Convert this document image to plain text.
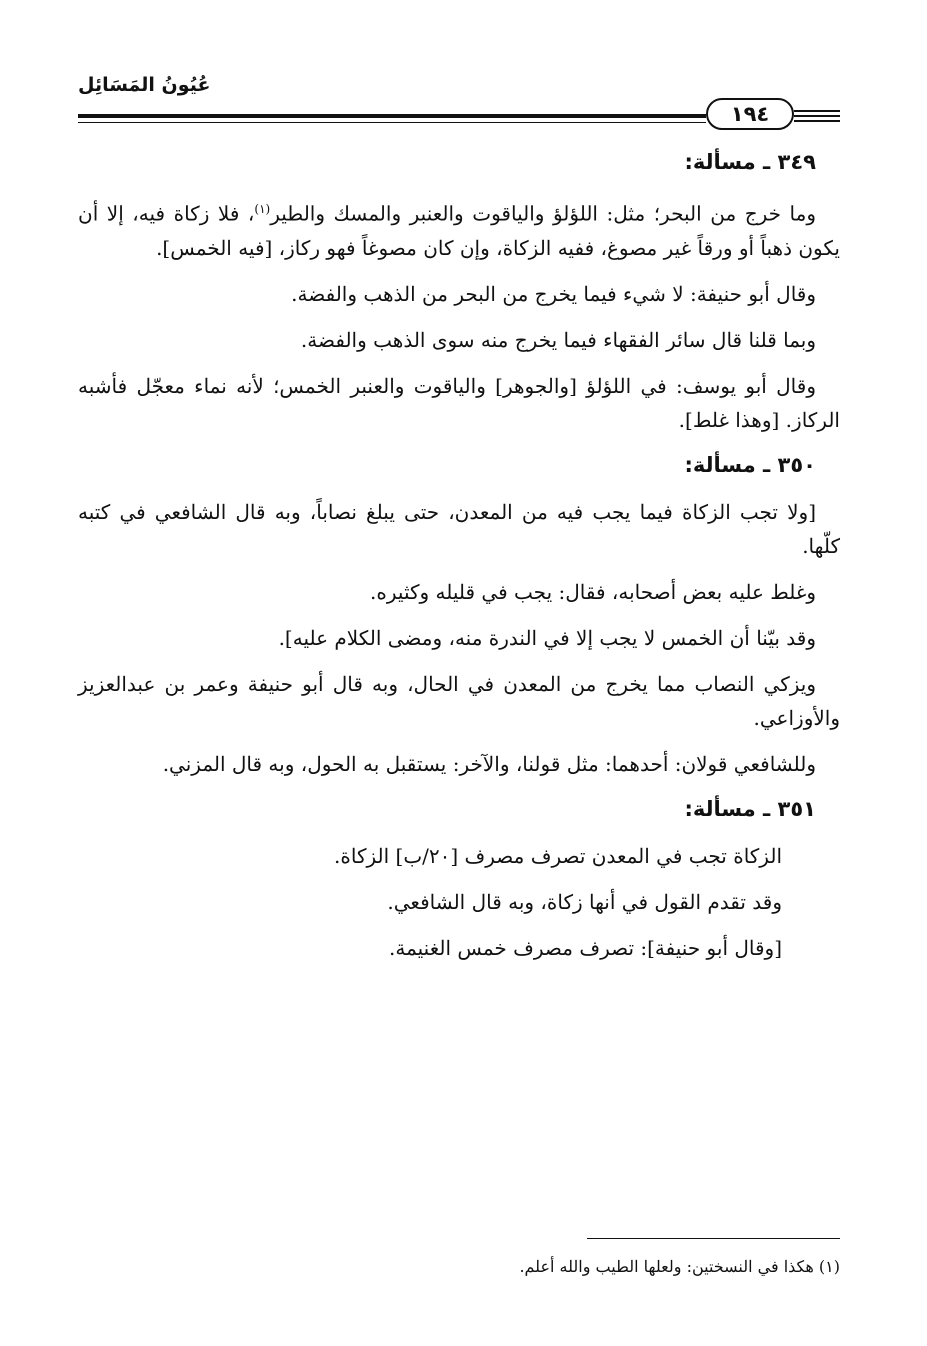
عُيُونُ المَسَائِل
١٩٤
٣٤٩ ـ مسألة:

وما خرج من البحر؛ مثل: اللؤلؤ والياقوت والعنبر والمسك والطير$^{(١)}$، فلا زكاة فيه، إلا أن يكون ذهباً أو ورقاً غير مصوغ، ففيه الزكاة، وإن كان مصوغاً فهو ركاز، [فيه الخمس].

وقال أبو حنيفة: لا شيء فيما يخرج من البحر من الذهب والفضة.

وبما قلنا قال سائر الفقهاء فيما يخرج منه سوى الذهب والفضة.

وقال أبو يوسف: في اللؤلؤ [والجوهر] والياقوت والعنبر الخمس؛ لأنه نماء معجّل فأشبه الركاز. [وهذا غلط].

٣٥٠ ـ مسألة:

[ولا تجب الزكاة فيما يجب فيه من المعدن، حتى يبلغ نصاباً، وبه قال الشافعي في كتبه كلّها.

وغلط عليه بعض أصحابه، فقال: يجب في قليله وكثيره.

وقد بيّنا أن الخمس لا يجب إلا في الندرة منه، ومضى الكلام عليه].

ويزكي النصاب مما يخرج من المعدن في الحال، وبه قال أبو حنيفة وعمر بن عبدالعزيز والأوزاعي.

وللشافعي قولان: أحدهما: مثل قولنا، والآخر: يستقبل به الحول، وبه قال المزني.

٣٥١ ـ مسألة:

الزكاة تجب في المعدن تصرف مصرف [٢٠/ب] الزكاة.

وقد تقدم القول في أنها زكاة، وبه قال الشافعي.

[وقال أبو حنيفة]: تصرف مصرف خمس الغنيمة.

(١) هكذا في النسختين: ولعلها الطيب والله أعلم.
